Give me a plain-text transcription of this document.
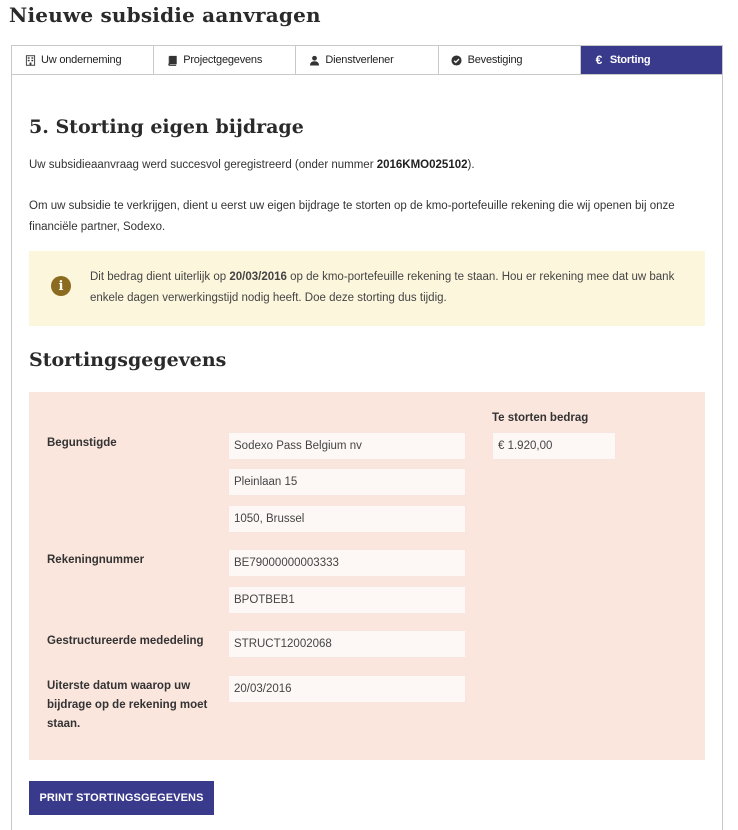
Nieuwe subsidie aanvragen
Uw onderneming	Projectgegevens	Dienstverlener	Bevestiging	€ Storting
5. Storting eigen bijdrage
Uw subsidieaanvraag werd succesvol geregistreerd (onder nummer 2016KMO025102).
Om uw subsidie te verkrijgen, dient u eerst uw eigen bijdrage te storten op de kmo-portefeuille rekening die wij openen bij onze financiële partner, Sodexo.
i
Dit bedrag dient uiterlijk op 20/03/2016 op de kmo-portefeuille rekening te staan. Hou er rekening mee dat uw bank enkele dagen verwerkingstijd nodig heeft. Doe deze storting dus tijdig.
Stortingsgegevens
Te storten bedrag
€ 1.920,00
Begunstigde	Sodexo Pass Belgium nv
Pleinlaan 15
1050, Brussel
Rekeningnummer	BE79000000003333
BPOTBEB1
Gestructureerde mededeling	STRUCT12002068
Uiterste datum waarop uw bijdrage op de rekening moet staan.
20/03/2016
PRINT STORTINGSGEGEVENS
